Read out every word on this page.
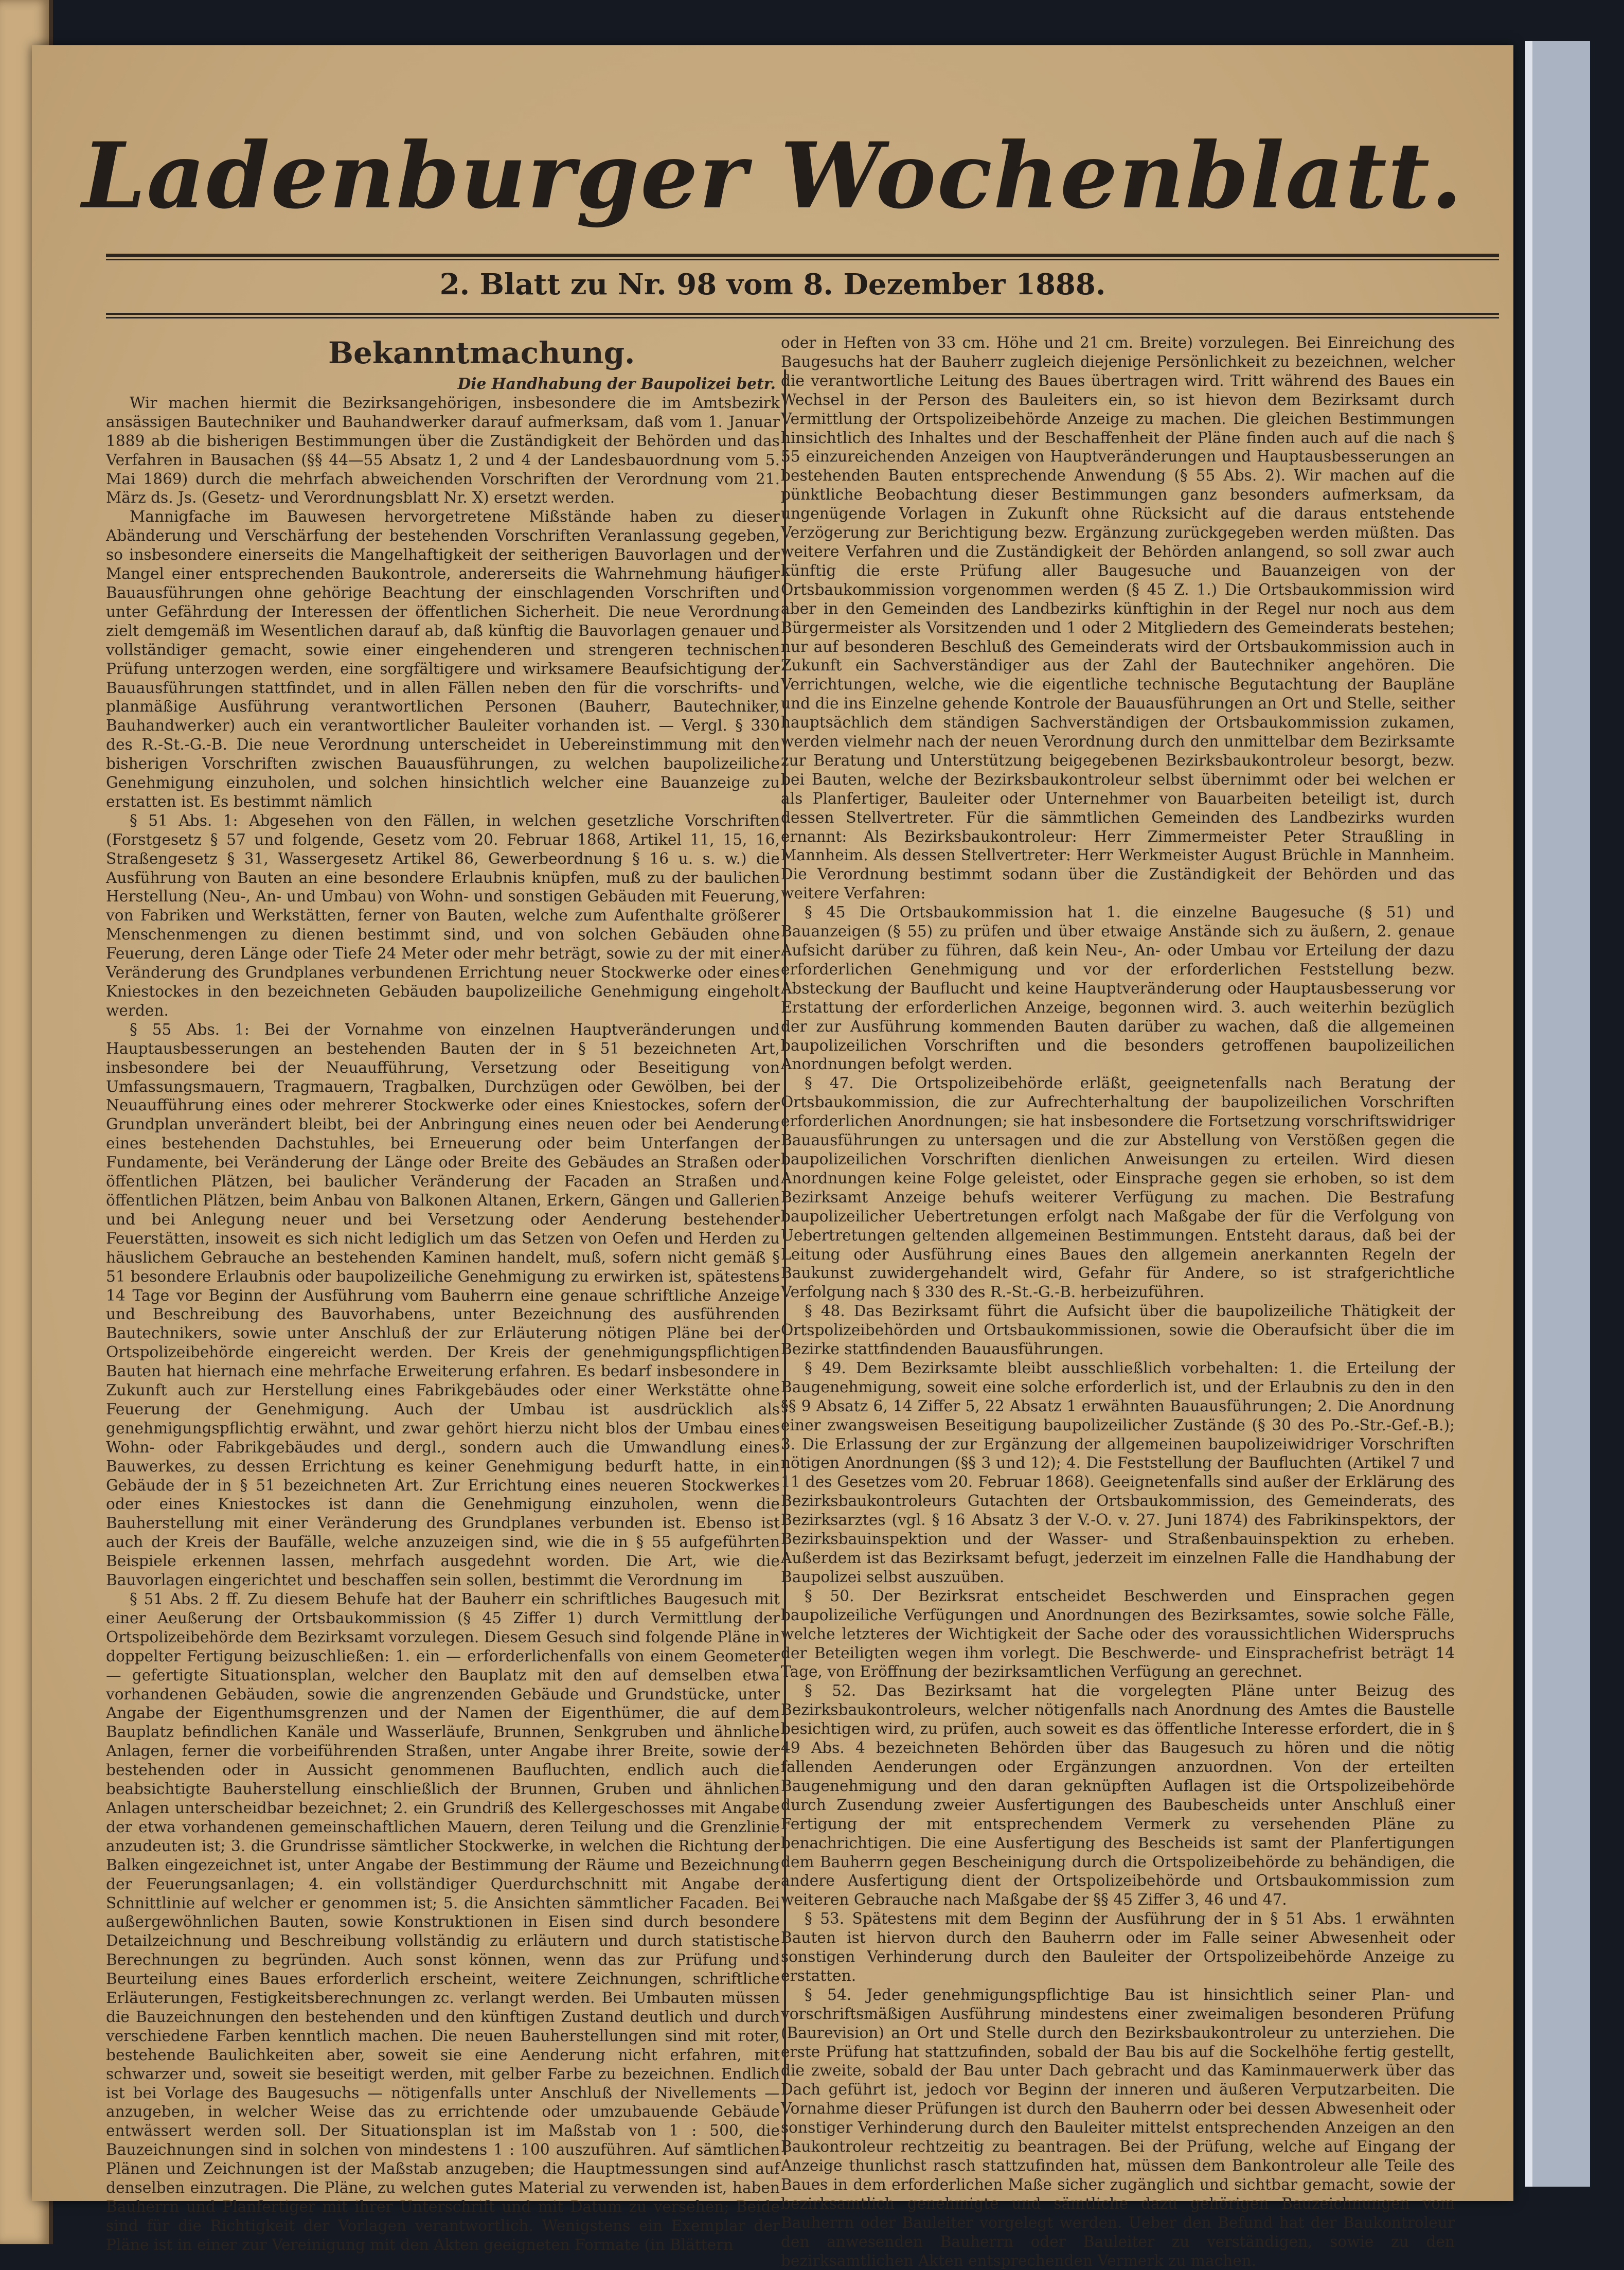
Ladenburger Wochenblatt.
2. Blatt zu Nr. 98 vom 8. Dezember 1888.
Bekanntmachung.

Die Handhabung der Baupolizei betr.

Wir machen hiermit die Bezirksangehörigen, insbesondere die im Amtsbezirk ansässigen Bautechniker und Bauhandwerker darauf aufmerksam, daß vom 1. Januar 1889 ab die bisherigen Bestimmungen über die Zuständigkeit der Behörden und das Verfahren in Bausachen (§§ 44—55 Absatz 1, 2 und 4 der Landesbauordnung vom 5. Mai 1869) durch die mehrfach abweichenden Vorschriften der Verordnung vom 21. März ds. Js. (Gesetz- und Verordnungsblatt Nr. X) ersetzt werden.

Mannigfache im Bauwesen hervorgetretene Mißstände haben zu dieser Abänderung und Verschärfung der bestehenden Vorschriften Veranlassung gegeben, so insbesondere einerseits die Mangelhaftigkeit der seitherigen Bauvorlagen und der Mangel einer entsprechenden Baukontrole, andererseits die Wahrnehmung häufiger Bauausführungen ohne gehörige Beachtung der einschlagenden Vorschriften und unter Gefährdung der Interessen der öffentlichen Sicherheit. Die neue Verordnung zielt demgemäß im Wesentlichen darauf ab, daß künftig die Bauvorlagen genauer und vollständiger gemacht, sowie einer eingehenderen und strengeren technischen Prüfung unterzogen werden, eine sorgfältigere und wirksamere Beaufsichtigung der Bauausführungen stattfindet, und in allen Fällen neben den für die vorschrifts- und planmäßige Ausführung verantwortlichen Personen (Bauherr, Bautechniker, Bauhandwerker) auch ein verantwortlicher Bauleiter vorhanden ist. — Vergl. § 330 des R.-St.-G.-B. Die neue Verordnung unterscheidet in Uebereinstimmung mit den bisherigen Vorschriften zwischen Bauausführungen, zu welchen baupolizeiliche Genehmigung einzuholen, und solchen hinsichtlich welcher eine Bauanzeige zu erstatten ist. Es bestimmt nämlich

§ 51 Abs. 1: Abgesehen von den Fällen, in welchen gesetzliche Vorschriften (Forstgesetz § 57 und folgende, Gesetz vom 20. Februar 1868, Artikel 11, 15, 16, Straßengesetz § 31, Wassergesetz Artikel 86, Gewerbeordnung § 16 u. s. w.) die Ausführung von Bauten an eine besondere Erlaubnis knüpfen, muß zu der baulichen Herstellung (Neu-, An- und Umbau) von Wohn- und sonstigen Gebäuden mit Feuerung, von Fabriken und Werkstätten, ferner von Bauten, welche zum Aufenthalte größerer Menschenmengen zu dienen bestimmt sind, und von solchen Gebäuden ohne Feuerung, deren Länge oder Tiefe 24 Meter oder mehr beträgt, sowie zu der mit einer Veränderung des Grundplanes verbundenen Errichtung neuer Stockwerke oder eines Kniestockes in den bezeichneten Gebäuden baupolizeiliche Genehmigung eingeholt werden.

§ 55 Abs. 1: Bei der Vornahme von einzelnen Hauptveränderungen und Hauptausbesserungen an bestehenden Bauten der in § 51 bezeichneten Art, insbesondere bei der Neuaufführung, Versetzung oder Beseitigung von Umfassungsmauern, Tragmauern, Tragbalken, Durchzügen oder Gewölben, bei der Neuaufführung eines oder mehrerer Stockwerke oder eines Kniestockes, sofern der Grundplan unverändert bleibt, bei der Anbringung eines neuen oder bei Aenderung eines bestehenden Dachstuhles, bei Erneuerung oder beim Unterfangen der Fundamente, bei Veränderung der Länge oder Breite des Gebäudes an Straßen oder öffentlichen Plätzen, bei baulicher Veränderung der Facaden an Straßen und öffentlichen Plätzen, beim Anbau von Balkonen Altanen, Erkern, Gängen und Gallerien und bei Anlegung neuer und bei Versetzung oder Aenderung bestehender Feuerstätten, insoweit es sich nicht lediglich um das Setzen von Oefen und Herden zu häuslichem Gebrauche an bestehenden Kaminen handelt, muß, sofern nicht gemäß § 51 besondere Erlaubnis oder baupolizeiliche Genehmigung zu erwirken ist, spätestens 14 Tage vor Beginn der Ausführung vom Bauherrn eine genaue schriftliche Anzeige und Beschreibung des Bauvorhabens, unter Bezeichnung des ausführenden Bautechnikers, sowie unter Anschluß der zur Erläuterung nötigen Pläne bei der Ortspolizeibehörde eingereicht werden. Der Kreis der genehmigungspflichtigen Bauten hat hiernach eine mehrfache Erweiterung erfahren. Es bedarf insbesondere in Zukunft auch zur Herstellung eines Fabrikgebäudes oder einer Werkstätte ohne Feuerung der Genehmigung. Auch der Umbau ist ausdrücklich als genehmigungspflichtig erwähnt, und zwar gehört hierzu nicht blos der Umbau eines Wohn- oder Fabrikgebäudes und dergl., sondern auch die Umwandlung eines Bauwerkes, zu dessen Errichtung es keiner Genehmigung bedurft hatte, in ein Gebäude der in § 51 bezeichneten Art. Zur Errichtung eines neueren Stockwerkes oder eines Kniestockes ist dann die Genehmigung einzuholen, wenn die Bauherstellung mit einer Veränderung des Grundplanes verbunden ist. Ebenso ist auch der Kreis der Baufälle, welche anzuzeigen sind, wie die in § 55 aufgeführten Beispiele erkennen lassen, mehrfach ausgedehnt worden. Die Art, wie die Bauvorlagen eingerichtet und beschaffen sein sollen, bestimmt die Verordnung im

§ 51 Abs. 2 ff. Zu diesem Behufe hat der Bauherr ein schriftliches Baugesuch mit einer Aeußerung der Ortsbaukommission (§ 45 Ziffer 1) durch Vermittlung der Ortspolizeibehörde dem Bezirksamt vorzulegen. Diesem Gesuch sind folgende Pläne in doppelter Fertigung beizuschließen: 1. ein — erforderlichenfalls von einem Geometer — gefertigte Situationsplan, welcher den Bauplatz mit den auf demselben etwa vorhandenen Gebäuden, sowie die angrenzenden Gebäude und Grundstücke, unter Angabe der Eigenthumsgrenzen und der Namen der Eigenthümer, die auf dem Bauplatz befindlichen Kanäle und Wasserläufe, Brunnen, Senkgruben und ähnliche Anlagen, ferner die vorbeiführenden Straßen, unter Angabe ihrer Breite, sowie der bestehenden oder in Aussicht genommenen Baufluchten, endlich auch die beabsichtigte Bauherstellung einschließlich der Brunnen, Gruben und ähnlichen Anlagen unterscheidbar bezeichnet; 2. ein Grundriß des Kellergeschosses mit Angabe der etwa vorhandenen gemeinschaftlichen Mauern, deren Teilung und die Grenzlinie anzudeuten ist; 3. die Grundrisse sämtlicher Stockwerke, in welchen die Richtung der Balken eingezeichnet ist, unter Angabe der Bestimmung der Räume und Bezeichnung der Feuerungsanlagen; 4. ein vollständiger Querdurchschnitt mit Angabe der Schnittlinie auf welcher er genommen ist; 5. die Ansichten sämmtlicher Facaden. Bei außergewöhnlichen Bauten, sowie Konstruktionen in Eisen sind durch besondere Detailzeichnung und Beschreibung vollständig zu erläutern und durch statistische Berechnungen zu begründen. Auch sonst können, wenn das zur Prüfung und Beurteilung eines Baues erforderlich erscheint, weitere Zeichnungen, schriftliche Erläuterungen, Festigkeitsberechnungen zc. verlangt werden. Bei Umbauten müssen die Bauzeichnungen den bestehenden und den künftigen Zustand deutlich und durch verschiedene Farben kenntlich machen. Die neuen Bauherstellungen sind mit roter, bestehende Baulichkeiten aber, soweit sie eine Aenderung nicht erfahren, mit schwarzer und, soweit sie beseitigt werden, mit gelber Farbe zu bezeichnen. Endlich ist bei Vorlage des Baugesuchs — nötigenfalls unter Anschluß der Nivellements — anzugeben, in welcher Weise das zu errichtende oder umzubauende Gebäude entwässert werden soll. Der Situationsplan ist im Maßstab von 1 : 500, die Bauzeichnungen sind in solchen von mindestens 1 : 100 auszuführen. Auf sämtlichen Plänen und Zeichnungen ist der Maßstab anzugeben; die Hauptmessungen sind auf denselben einzutragen. Die Pläne, zu welchen gutes Material zu verwenden ist, haben Bauherrn und Planfertiger mit ihrer Unterschrift und mit Datum zu versehen; Beide sind für die Richtigkeit der Vorlagen verantwortlich. Wenigstens ein Exemplar der Pläne ist in einer zur Vereinigung mit den Akten geeigneten Formate (in Blättern

oder in Heften von 33 cm. Höhe und 21 cm. Breite) vorzulegen. Bei Einreichung des Baugesuchs hat der Bauherr zugleich diejenige Persönlichkeit zu bezeichnen, welcher die verantwortliche Leitung des Baues übertragen wird. Tritt während des Baues ein Wechsel in der Person des Bauleiters ein, so ist hievon dem Bezirksamt durch Vermittlung der Ortspolizeibehörde Anzeige zu machen. Die gleichen Bestimmungen hinsichtlich des Inhaltes und der Beschaffenheit der Pläne finden auch auf die nach § 55 einzureichenden Anzeigen von Hauptveränderungen und Hauptausbesserungen an bestehenden Bauten entsprechende Anwendung (§ 55 Abs. 2). Wir machen auf die pünktliche Beobachtung dieser Bestimmungen ganz besonders aufmerksam, da ungenügende Vorlagen in Zukunft ohne Rücksicht auf die daraus entstehende Verzögerung zur Berichtigung bezw. Ergänzung zurückgegeben werden müßten. Das weitere Verfahren und die Zuständigkeit der Behörden anlangend, so soll zwar auch künftig die erste Prüfung aller Baugesuche und Bauanzeigen von der Ortsbaukommission vorgenommen werden (§ 45 Z. 1.) Die Ortsbaukommission wird aber in den Gemeinden des Landbezirks künftighin in der Regel nur noch aus dem Bürgermeister als Vorsitzenden und 1 oder 2 Mitgliedern des Gemeinderats bestehen; nur auf besonderen Beschluß des Gemeinderats wird der Ortsbaukommission auch in Zukunft ein Sachverständiger aus der Zahl der Bautechniker angehören. Die Verrichtungen, welche, wie die eigentliche technische Begutachtung der Baupläne und die ins Einzelne gehende Kontrole der Bauausführungen an Ort und Stelle, seither hauptsächlich dem ständigen Sachverständigen der Ortsbaukommission zukamen, werden vielmehr nach der neuen Verordnung durch den unmittelbar dem Bezirksamte zur Beratung und Unterstützung beigegebenen Bezirksbaukontroleur besorgt, bezw. bei Bauten, welche der Bezirksbaukontroleur selbst übernimmt oder bei welchen er als Planfertiger, Bauleiter oder Unternehmer von Bauarbeiten beteiligt ist, durch dessen Stellvertreter. Für die sämmtlichen Gemeinden des Landbezirks wurden ernannt: Als Bezirksbaukontroleur: Herr Zimmermeister Peter Straußling in Mannheim. Als dessen Stellvertreter: Herr Werkmeister August Brüchle in Mannheim. Die Verordnung bestimmt sodann über die Zuständigkeit der Behörden und das weitere Verfahren:

§ 45 Die Ortsbaukommission hat 1. die einzelne Baugesuche (§ 51) und Bauanzeigen (§ 55) zu prüfen und über etwaige Anstände sich zu äußern, 2. genaue Aufsicht darüber zu führen, daß kein Neu-, An- oder Umbau vor Erteilung der dazu erforderlichen Genehmigung und vor der erforderlichen Feststellung bezw. Absteckung der Bauflucht und keine Hauptveränderung oder Hauptausbesserung vor Erstattung der erforderlichen Anzeige, begonnen wird. 3. auch weiterhin bezüglich der zur Ausführung kommenden Bauten darüber zu wachen, daß die allgemeinen baupolizeilichen Vorschriften und die besonders getroffenen baupolizeilichen Anordnungen befolgt werden.

§ 47. Die Ortspolizeibehörde erläßt, geeignetenfalls nach Beratung der Ortsbaukommission, die zur Aufrechterhaltung der baupolizeilichen Vorschriften erforderlichen Anordnungen; sie hat insbesondere die Fortsetzung vorschriftswidriger Bauausführungen zu untersagen und die zur Abstellung von Verstößen gegen die baupolizeilichen Vorschriften dienlichen Anweisungen zu erteilen. Wird diesen Anordnungen keine Folge geleistet, oder Einsprache gegen sie erhoben, so ist dem Bezirksamt Anzeige behufs weiterer Verfügung zu machen. Die Bestrafung baupolizeilicher Uebertretungen erfolgt nach Maßgabe der für die Verfolgung von Uebertretungen geltenden allgemeinen Bestimmungen. Entsteht daraus, daß bei der Leitung oder Ausführung eines Baues den allgemein anerkannten Regeln der Baukunst zuwidergehandelt wird, Gefahr für Andere, so ist strafgerichtliche Verfolgung nach § 330 des R.-St.-G.-B. herbeizuführen.

§ 48. Das Bezirksamt führt die Aufsicht über die baupolizeiliche Thätigkeit der Ortspolizeibehörden und Ortsbaukommissionen, sowie die Oberaufsicht über die im Bezirke stattfindenden Bauausführungen.

§ 49. Dem Bezirksamte bleibt ausschließlich vorbehalten: 1. die Erteilung der Baugenehmigung, soweit eine solche erforderlich ist, und der Erlaubnis zu den in den §§ 9 Absatz 6, 14 Ziffer 5, 22 Absatz 1 erwähnten Bauausführungen; 2. Die Anordnung einer zwangsweisen Beseitigung baupolizeilicher Zustände (§ 30 des Po.-Str.-Gef.-B.); 3. Die Erlassung der zur Ergänzung der allgemeinen baupolizeiwidriger Vorschriften nötigen Anordnungen (§§ 3 und 12); 4. Die Feststellung der Baufluchten (Artikel 7 und 11 des Gesetzes vom 20. Februar 1868). Geeignetenfalls sind außer der Erklärung des Bezirksbaukontroleurs Gutachten der Ortsbaukommission, des Gemeinderats, des Bezirksarztes (vgl. § 16 Absatz 3 der V.-O. v. 27. Juni 1874) des Fabrikinspektors, der Bezirksbauinspektion und der Wasser- und Straßenbauinspektion zu erheben. Außerdem ist das Bezirksamt befugt, jederzeit im einzelnen Falle die Handhabung der Baupolizei selbst auszuüben.

§ 50. Der Bezirksrat entscheidet Beschwerden und Einsprachen gegen baupolizeiliche Verfügungen und Anordnungen des Bezirksamtes, sowie solche Fälle, welche letzteres der Wichtigkeit der Sache oder des voraussichtlichen Widerspruchs der Beteiligten wegen ihm vorlegt. Die Beschwerde- und Einsprachefrist beträgt 14 Tage, von Eröffnung der bezirksamtlichen Verfügung an gerechnet.

§ 52. Das Bezirksamt hat die vorgelegten Pläne unter Beizug des Bezirksbaukontroleurs, welcher nötigenfalls nach Anordnung des Amtes die Baustelle besichtigen wird, zu prüfen, auch soweit es das öffentliche Interesse erfordert, die in § 49 Abs. 4 bezeichneten Behörden über das Baugesuch zu hören und die nötig fallenden Aenderungen oder Ergänzungen anzuordnen. Von der erteilten Baugenehmigung und den daran geknüpften Auflagen ist die Ortspolizeibehörde durch Zusendung zweier Ausfertigungen des Baubescheids unter Anschluß einer Fertigung der mit entsprechendem Vermerk zu versehenden Pläne zu benachrichtigen. Die eine Ausfertigung des Bescheids ist samt der Planfertigungen dem Bauherrn gegen Bescheinigung durch die Ortspolizeibehörde zu behändigen, die andere Ausfertigung dient der Ortspolizeibehörde und Ortsbaukommission zum weiteren Gebrauche nach Maßgabe der §§ 45 Ziffer 3, 46 und 47.

§ 53. Spätestens mit dem Beginn der Ausführung der in § 51 Abs. 1 erwähnten Bauten ist hiervon durch den Bauherrn oder im Falle seiner Abwesenheit oder sonstigen Verhinderung durch den Bauleiter der Ortspolizeibehörde Anzeige zu erstatten.

§ 54. Jeder genehmigungspflichtige Bau ist hinsichtlich seiner Plan- und vorschriftsmäßigen Ausführung mindestens einer zweimaligen besonderen Prüfung (Baurevision) an Ort und Stelle durch den Bezirksbaukontroleur zu unterziehen. Die erste Prüfung hat stattzufinden, sobald der Bau bis auf die Sockelhöhe fertig gestellt, die zweite, sobald der Bau unter Dach gebracht und das Kaminmauerwerk über das Dach geführt ist, jedoch vor Beginn der inneren und äußeren Verputzarbeiten. Die Vornahme dieser Prüfungen ist durch den Bauherrn oder bei dessen Abwesenheit oder sonstiger Verhinderung durch den Bauleiter mittelst entsprechenden Anzeigen an den Baukontroleur rechtzeitig zu beantragen. Bei der Prüfung, welche auf Eingang der Anzeige thunlichst rasch stattzufinden hat, müssen dem Bankontroleur alle Teile des Baues in dem erforderlichen Maße sicher zugänglich und sichtbar gemacht, sowie der bezirksamtlich genehmigte und sämtliche dazu gehörigen Bauzeichnungen vom Bauherrn oder Bauleiter vorgelegt werden. Ueber den Befund hat der Baukontroleur den anwesenden Bauherrn oder Bauleiter zu verständigen, sowie zu den bezirksamtlichen Akten entsprechenden Vermerk zu machen.
